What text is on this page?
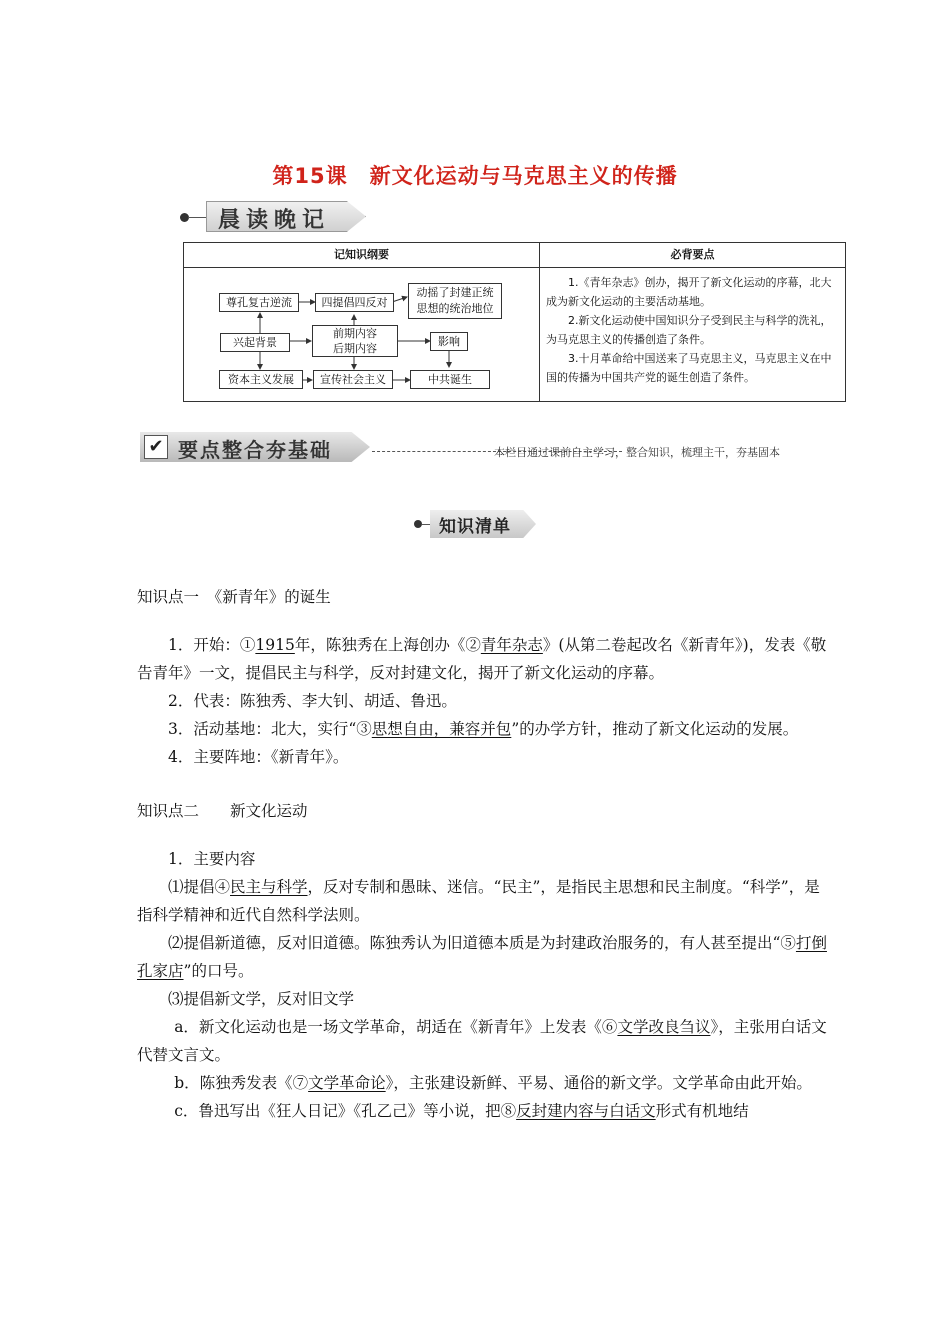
第15课　新文化运动与马克思主义的传播
晨读晚记
记知识纲要	必背要点
尊孔复古逆流	四提倡四反对
动摇了封建正统
思想的统治地位
兴起背景
前期内容
后期内容
影响
资本主义发展	宣传社会主义	中共诞生

1.《青年杂志》创办，揭开了新文化运动的序幕，北大成为新文化运动的主要活动基地。

2.新文化运动使中国知识分子受到民主与科学的洗礼，为马克思主义的传播创造了条件。

3.十月革命给中国送来了马克思主义，马克思主义在中国的传播为中国共产党的诞生创造了条件。

✔ 要点整合夯基础	本栏目通过课前自主学习，整合知识，梳理主干，夯基固本
知识清单

知识点一　《新青年》的诞生

1．开始：①1915年，陈独秀在上海创办《②青年杂志》(从第二卷起改名《新青年》)，发表《敬告青年》一文，提倡民主与科学，反对封建文化，揭开了新文化运动的序幕。

2．代表：陈独秀、李大钊、胡适、鲁迅。

3．活动基地：北大，实行“③思想自由，兼容并包”的办学方针，推动了新文化运动的发展。

4．主要阵地：《新青年》。

知识点二　　新文化运动

1．主要内容

⑴提倡④民主与科学，反对专制和愚昧、迷信。“民主”，是指民主思想和民主制度。“科学”，是指科学精神和近代自然科学法则。

⑵提倡新道德，反对旧道德。陈独秀认为旧道德本质是为封建政治服务的，有人甚至提出“⑤打倒孔家店”的口号。

⑶提倡新文学，反对旧文学

a．新文化运动也是一场文学革命，胡适在《新青年》上发表《⑥文学改良刍议》，主张用白话文代替文言文。

b．陈独秀发表《⑦文学革命论》，主张建设新鲜、平易、通俗的新文学。文学革命由此开始。

c．鲁迅写出《狂人日记》《孔乙己》等小说，把⑧反封建内容与白话文形式有机地结
